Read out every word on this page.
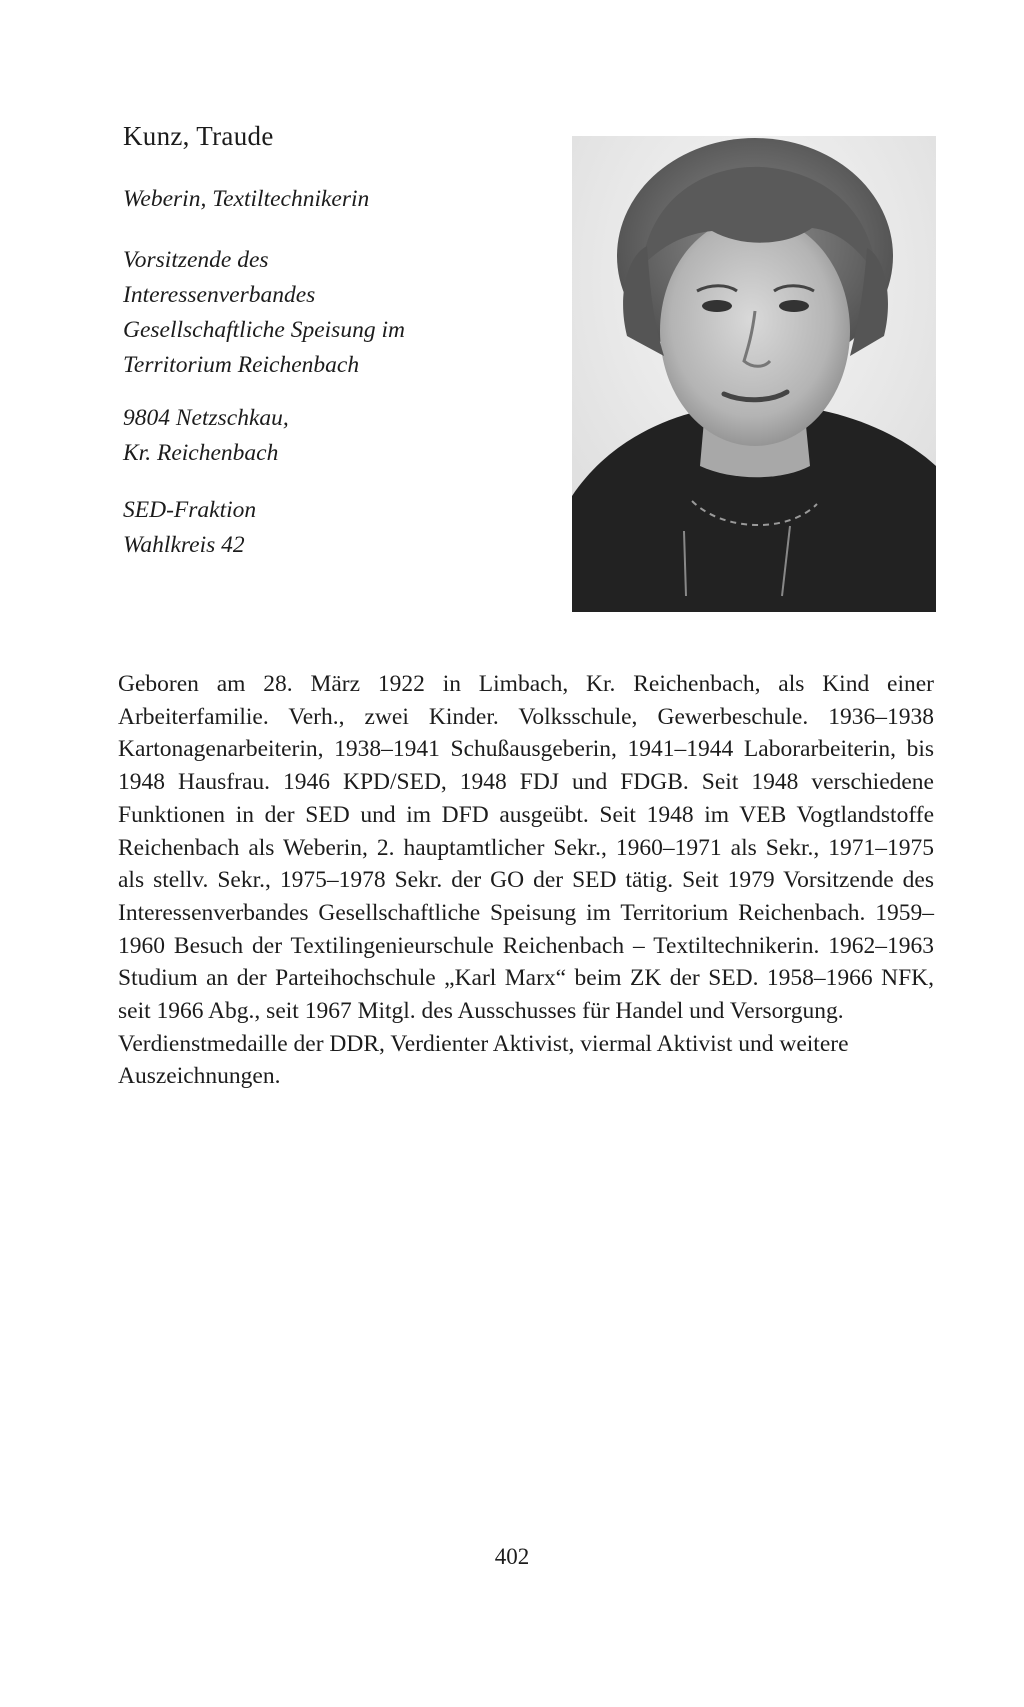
Kunz, Traude

Weberin, Textiltechnikerin

Vorsitzende des
Interessenverbandes
Gesellschaftliche Speisung im
Territorium Reichenbach

9804 Netzschkau,
Kr. Reichenbach

SED-Fraktion
Wahlkreis 42

Geboren am 28. März 1922 in Limbach, Kr. Reichenbach, als Kind einer Arbeiterfamilie. Verh., zwei Kinder. Volksschule, Gewerbeschule. 1936–1938 Kartonagenarbeiterin, 1938–1941 Schußausgeberin, 1941–1944 Laborarbeiterin, bis 1948 Hausfrau. 1946 KPD/SED, 1948 FDJ und FDGB. Seit 1948 verschiedene Funktionen in der SED und im DFD ausgeübt. Seit 1948 im VEB Vogtlandstoffe Reichenbach als Weberin, 2. hauptamtlicher Sekr., 1960–1971 als Sekr., 1971–1975 als stellv. Sekr., 1975–1978 Sekr. der GO der SED tätig. Seit 1979 Vorsitzende des Interessenverbandes Gesellschaftliche Speisung im Territorium Reichenbach. 1959–1960 Besuch der Textilingenieurschule Reichenbach – Textiltechnikerin. 1962–1963 Studium an der Parteihochschule „Karl Marx“ beim ZK der SED. 1958–1966 NFK, seit 1966 Abg., seit 1967 Mitgl. des Ausschusses für Handel und Versorgung.
Verdienstmedaille der DDR, Verdienter Aktivist, viermal Aktivist und weitere Auszeichnungen.

402
